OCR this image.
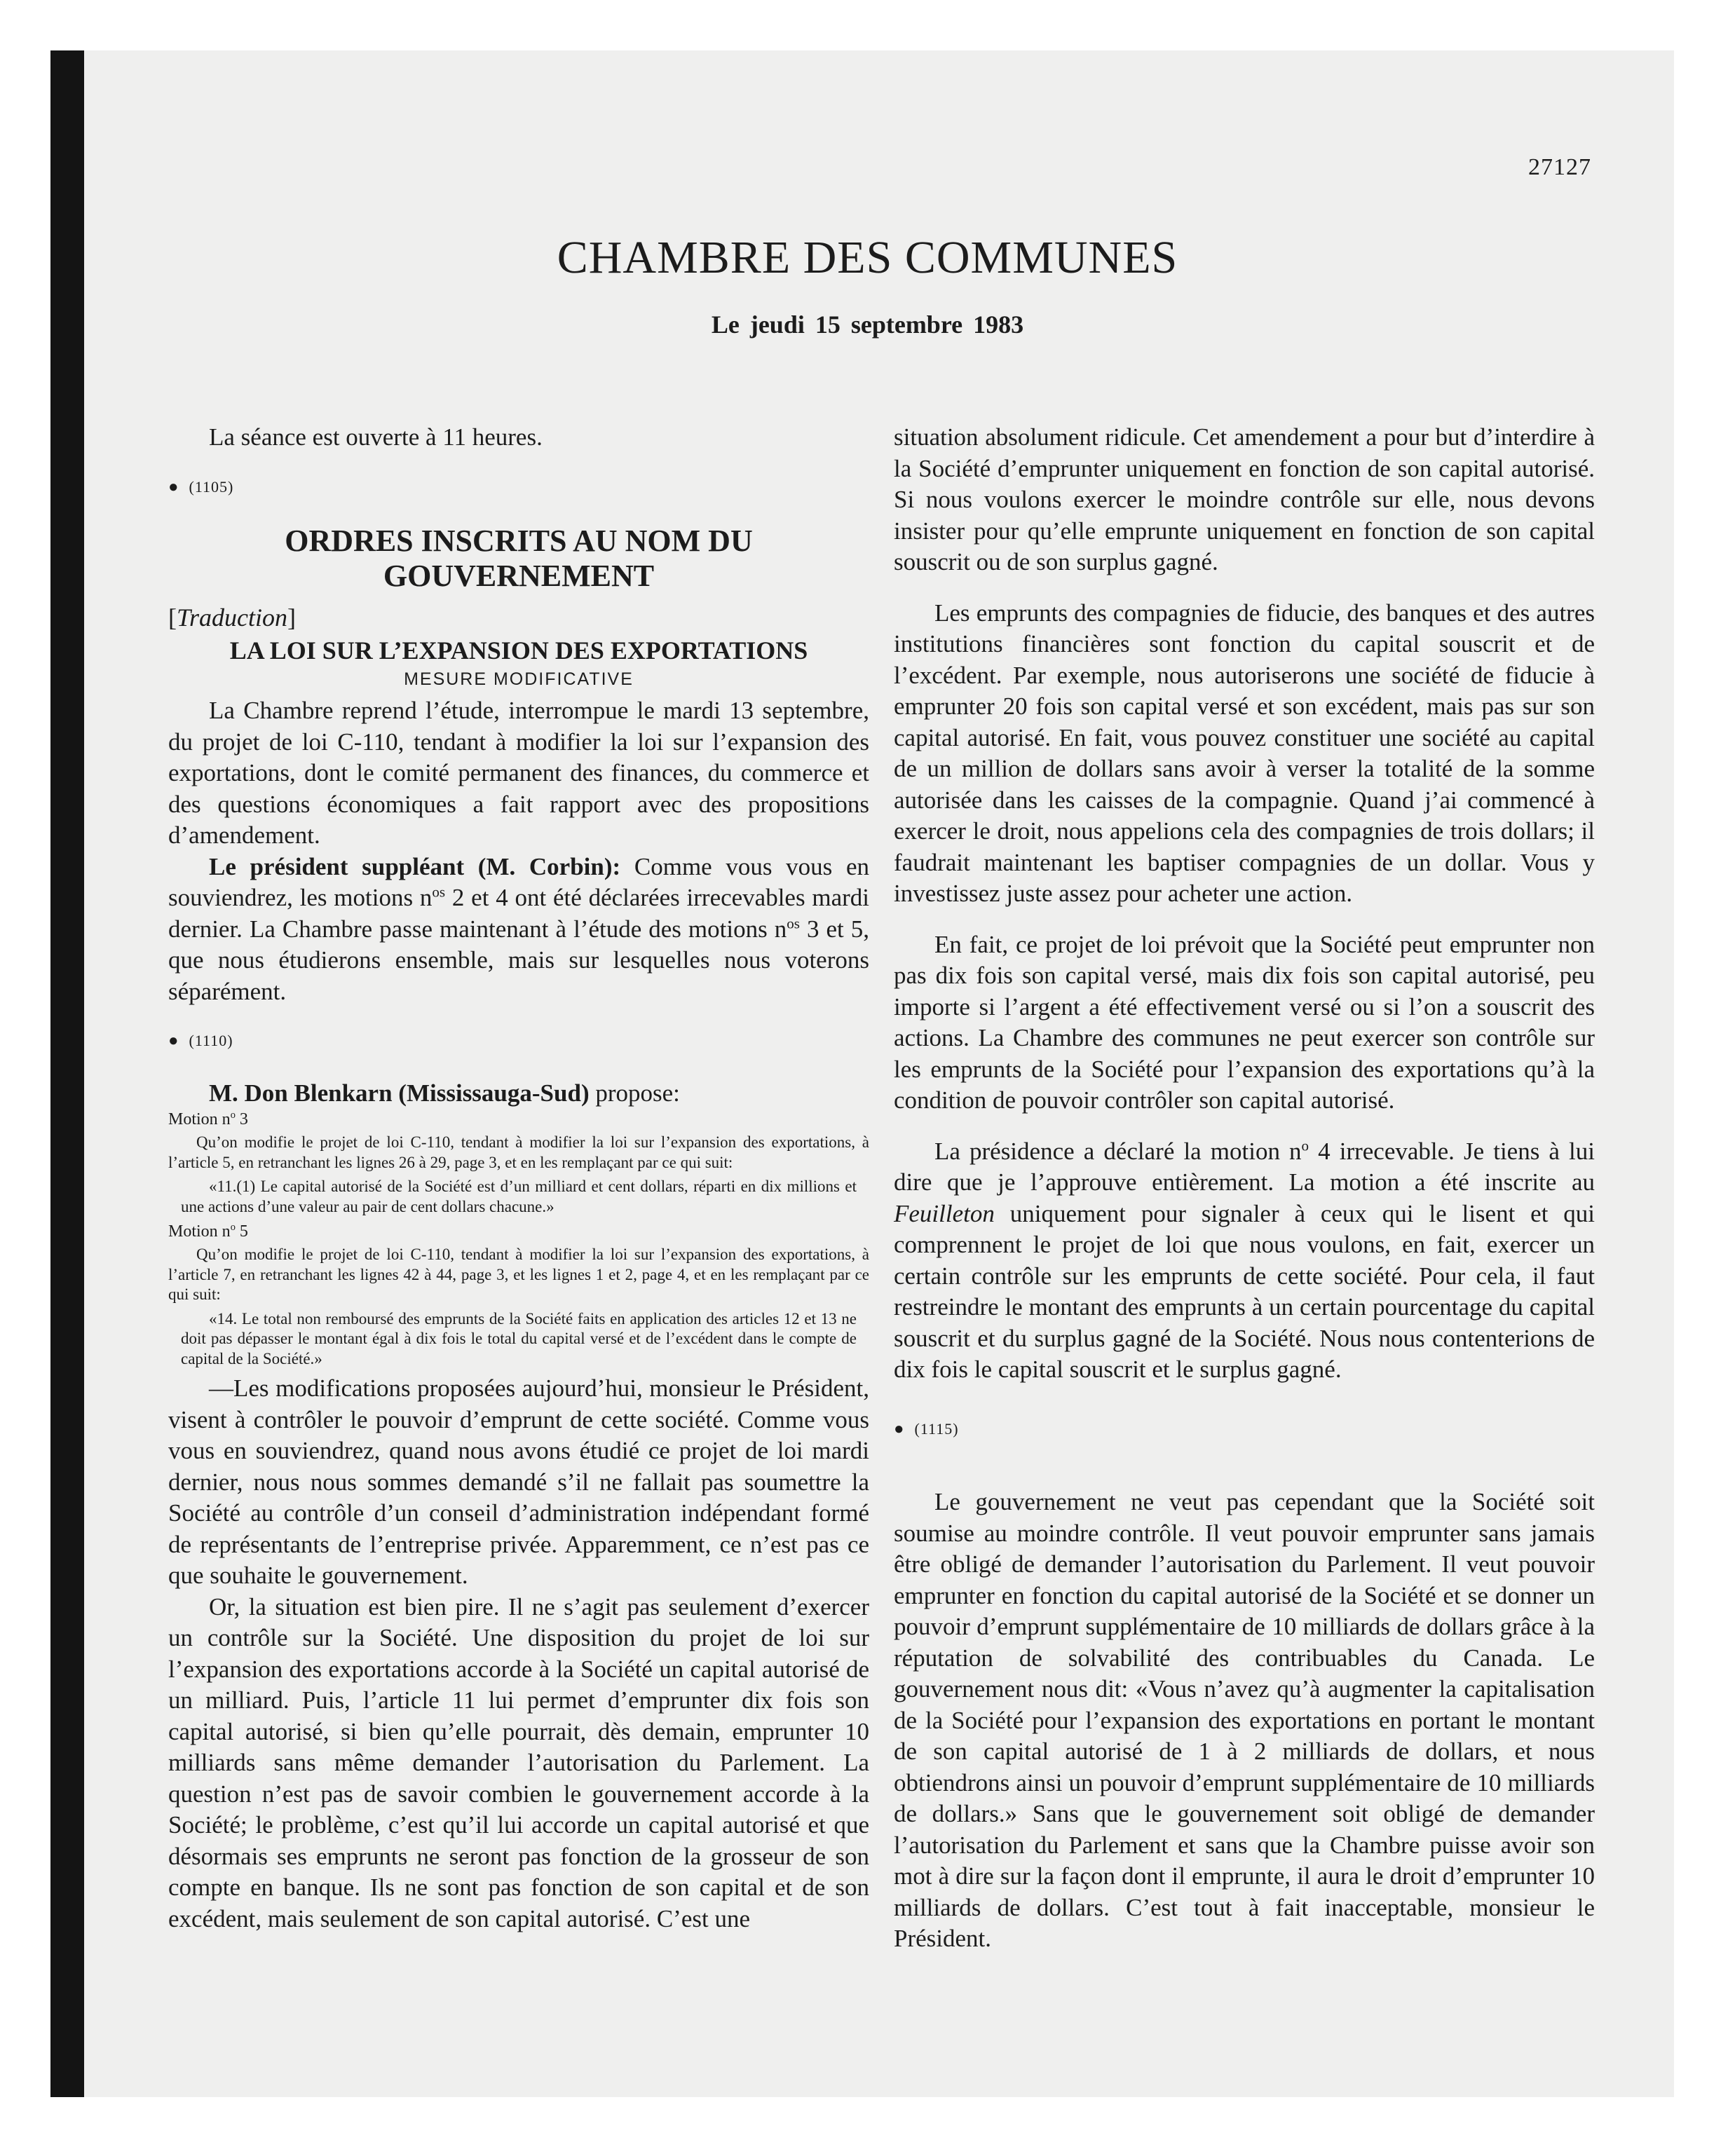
27127
CHAMBRE DES COMMUNES
Le jeudi 15 septembre 1983

La séance est ouverte à 11 heures.

● (1105)

ORDRES INSCRITS AU NOM DU GOUVERNEMENT

[Traduction]

LA LOI SUR L’EXPANSION DES EXPORTATIONS
MESURE MODIFICATIVE

La Chambre reprend l’étude, interrompue le mardi 13 septembre, du projet de loi C-110, tendant à modifier la loi sur l’expansion des exportations, dont le comité permanent des finances, du commerce et des questions économiques a fait rapport avec des propositions d’amendement.

Le président suppléant (M. Corbin): Comme vous vous en souviendrez, les motions $n^{os}$ 2 et 4 ont été déclarées irrecevables mardi dernier. La Chambre passe maintenant à l’étude des motions $n^{os}$ 3 et 5, que nous étudierons ensemble, mais sur lesquelles nous voterons séparément.

● (1110)

M. Don Blenkarn (Mississauga-Sud) propose:

Motion $n^o$ 3

Qu’on modifie le projet de loi C-110, tendant à modifier la loi sur l’expansion des exportations, à l’article 5, en retranchant les lignes 26 à 29, page 3, et en les remplaçant par ce qui suit:

«11.(1) Le capital autorisé de la Société est d’un milliard et cent dollars, réparti en dix millions et une actions d’une valeur au pair de cent dollars chacune.»

Motion $n^o$ 5

Qu’on modifie le projet de loi C-110, tendant à modifier la loi sur l’expansion des exportations, à l’article 7, en retranchant les lignes 42 à 44, page 3, et les lignes 1 et 2, page 4, et en les remplaçant par ce qui suit:

«14. Le total non remboursé des emprunts de la Société faits en application des articles 12 et 13 ne doit pas dépasser le montant égal à dix fois le total du capital versé et de l’excédent dans le compte de capital de la Société.»

—Les modifications proposées aujourd’hui, monsieur le Président, visent à contrôler le pouvoir d’emprunt de cette société. Comme vous vous en souviendrez, quand nous avons étudié ce projet de loi mardi dernier, nous nous sommes demandé s’il ne fallait pas soumettre la Société au contrôle d’un conseil d’administration indépendant formé de représentants de l’entreprise privée. Apparemment, ce n’est pas ce que souhaite le gouvernement.

Or, la situation est bien pire. Il ne s’agit pas seulement d’exercer un contrôle sur la Société. Une disposition du projet de loi sur l’expansion des exportations accorde à la Société un capital autorisé de un milliard. Puis, l’article 11 lui permet d’emprunter dix fois son capital autorisé, si bien qu’elle pourrait, dès demain, emprunter 10 milliards sans même demander l’autorisation du Parlement. La question n’est pas de savoir combien le gouvernement accorde à la Société; le problème, c’est qu’il lui accorde un capital autorisé et que désormais ses emprunts ne seront pas fonction de la grosseur de son compte en banque. Ils ne sont pas fonction de son capital et de son excédent, mais seulement de son capital autorisé. C’est une

situation absolument ridicule. Cet amendement a pour but d’interdire à la Société d’emprunter uniquement en fonction de son capital autorisé. Si nous voulons exercer le moindre contrôle sur elle, nous devons insister pour qu’elle emprunte uniquement en fonction de son capital souscrit ou de son surplus gagné.

Les emprunts des compagnies de fiducie, des banques et des autres institutions financières sont fonction du capital souscrit et de l’excédent. Par exemple, nous autoriserons une société de fiducie à emprunter 20 fois son capital versé et son excédent, mais pas sur son capital autorisé. En fait, vous pouvez constituer une société au capital de un million de dollars sans avoir à verser la totalité de la somme autorisée dans les caisses de la compagnie. Quand j’ai commencé à exercer le droit, nous appelions cela des compagnies de trois dollars; il faudrait maintenant les baptiser compagnies de un dollar. Vous y investissez juste assez pour acheter une action.

En fait, ce projet de loi prévoit que la Société peut emprunter non pas dix fois son capital versé, mais dix fois son capital autorisé, peu importe si l’argent a été effectivement versé ou si l’on a souscrit des actions. La Chambre des communes ne peut exercer son contrôle sur les emprunts de la Société pour l’expansion des exportations qu’à la condition de pouvoir contrôler son capital autorisé.

La présidence a déclaré la motion $n^o$ 4 irrecevable. Je tiens à lui dire que je l’approuve entièrement. La motion a été inscrite au Feuilleton uniquement pour signaler à ceux qui le lisent et qui comprennent le projet de loi que nous voulons, en fait, exercer un certain contrôle sur les emprunts de cette société. Pour cela, il faut restreindre le montant des emprunts à un certain pourcentage du capital souscrit et du surplus gagné de la Société. Nous nous contenterions de dix fois le capital souscrit et le surplus gagné.

● (1115)

Le gouvernement ne veut pas cependant que la Société soit soumise au moindre contrôle. Il veut pouvoir emprunter sans jamais être obligé de demander l’autorisation du Parlement. Il veut pouvoir emprunter en fonction du capital autorisé de la Société et se donner un pouvoir d’emprunt supplémentaire de 10 milliards de dollars grâce à la réputation de solvabilité des contribuables du Canada. Le gouvernement nous dit: «Vous n’avez qu’à augmenter la capitalisation de la Société pour l’expansion des exportations en portant le montant de son capital autorisé de 1 à 2 milliards de dollars, et nous obtiendrons ainsi un pouvoir d’emprunt supplémentaire de 10 milliards de dollars.» Sans que le gouvernement soit obligé de demander l’autorisation du Parlement et sans que la Chambre puisse avoir son mot à dire sur la façon dont il emprunte, il aura le droit d’emprunter 10 milliards de dollars. C’est tout à fait inacceptable, monsieur le Président.
